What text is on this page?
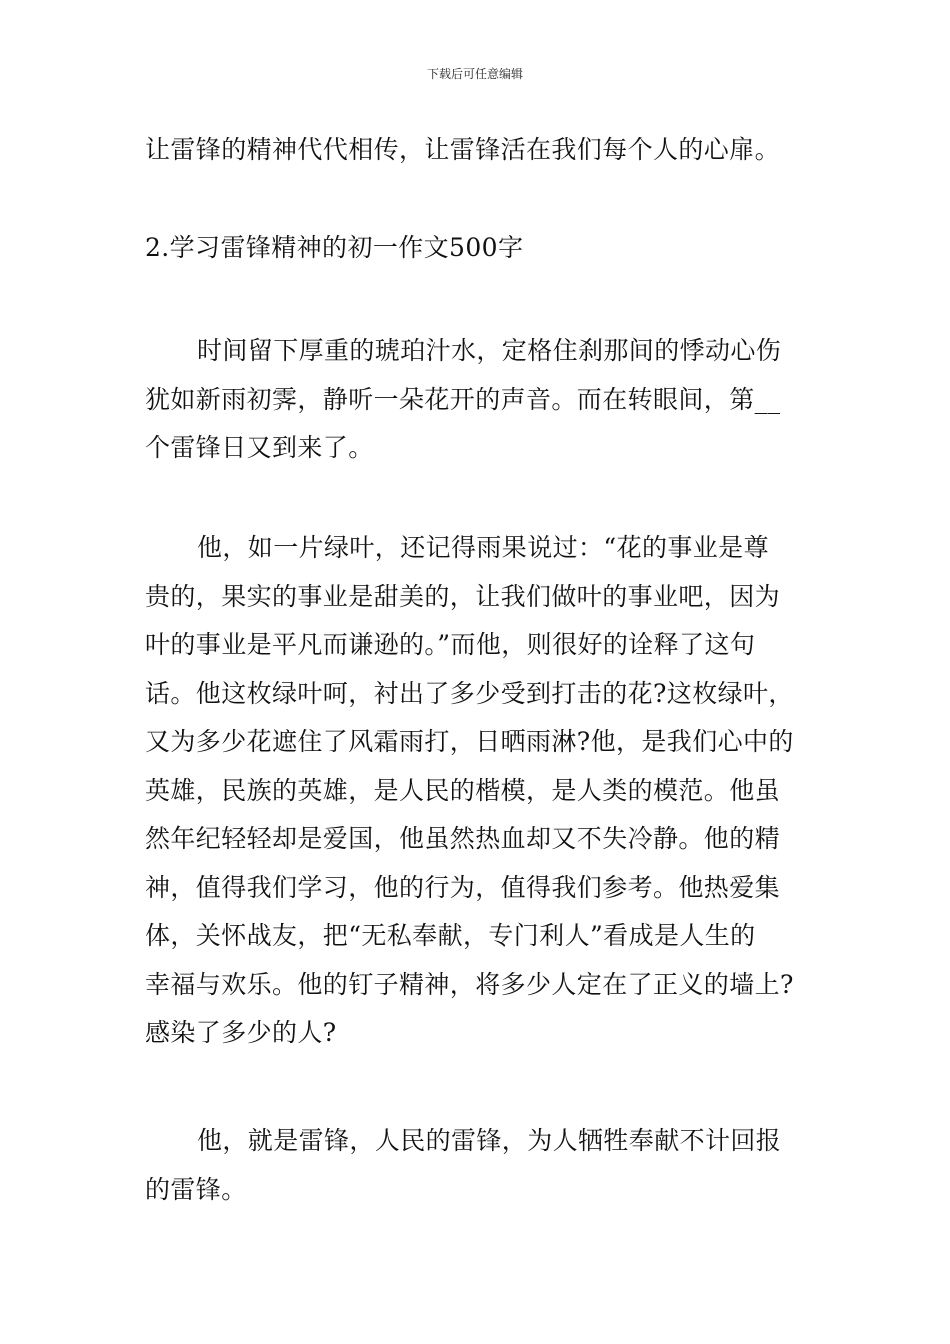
下载后可任意编辑

让雷锋的精神代代相传，让雷锋活在我们每个人的心扉。

2.学习雷锋精神的初一作文500字

时间留下厚重的琥珀汁水，定格住刹那间的悸动心伤
犹如新雨初霁，静听一朵花开的声音。而在转眼间，第__
个雷锋日又到来了。

他，如一片绿叶，还记得雨果说过：“花的事业是尊
贵的，果实的事业是甜美的，让我们做叶的事业吧，因为
叶的事业是平凡而谦逊的。”而他，则很好的诠释了这句
话。他这枚绿叶呵，衬出了多少受到打击的花?这枚绿叶，
又为多少花遮住了风霜雨打，日晒雨淋?他，是我们心中的
英雄，民族的英雄，是人民的楷模，是人类的模范。他虽
然年纪轻轻却是爱国，他虽然热血却又不失冷静。他的精
神，值得我们学习，他的行为，值得我们参考。他热爱集
体，关怀战友，把“无私奉献，专门利人”看成是人生的
幸福与欢乐。他的钉子精神，将多少人定在了正义的墙上?
感染了多少的人?

他，就是雷锋，人民的雷锋，为人牺牲奉献不计回报
的雷锋。
